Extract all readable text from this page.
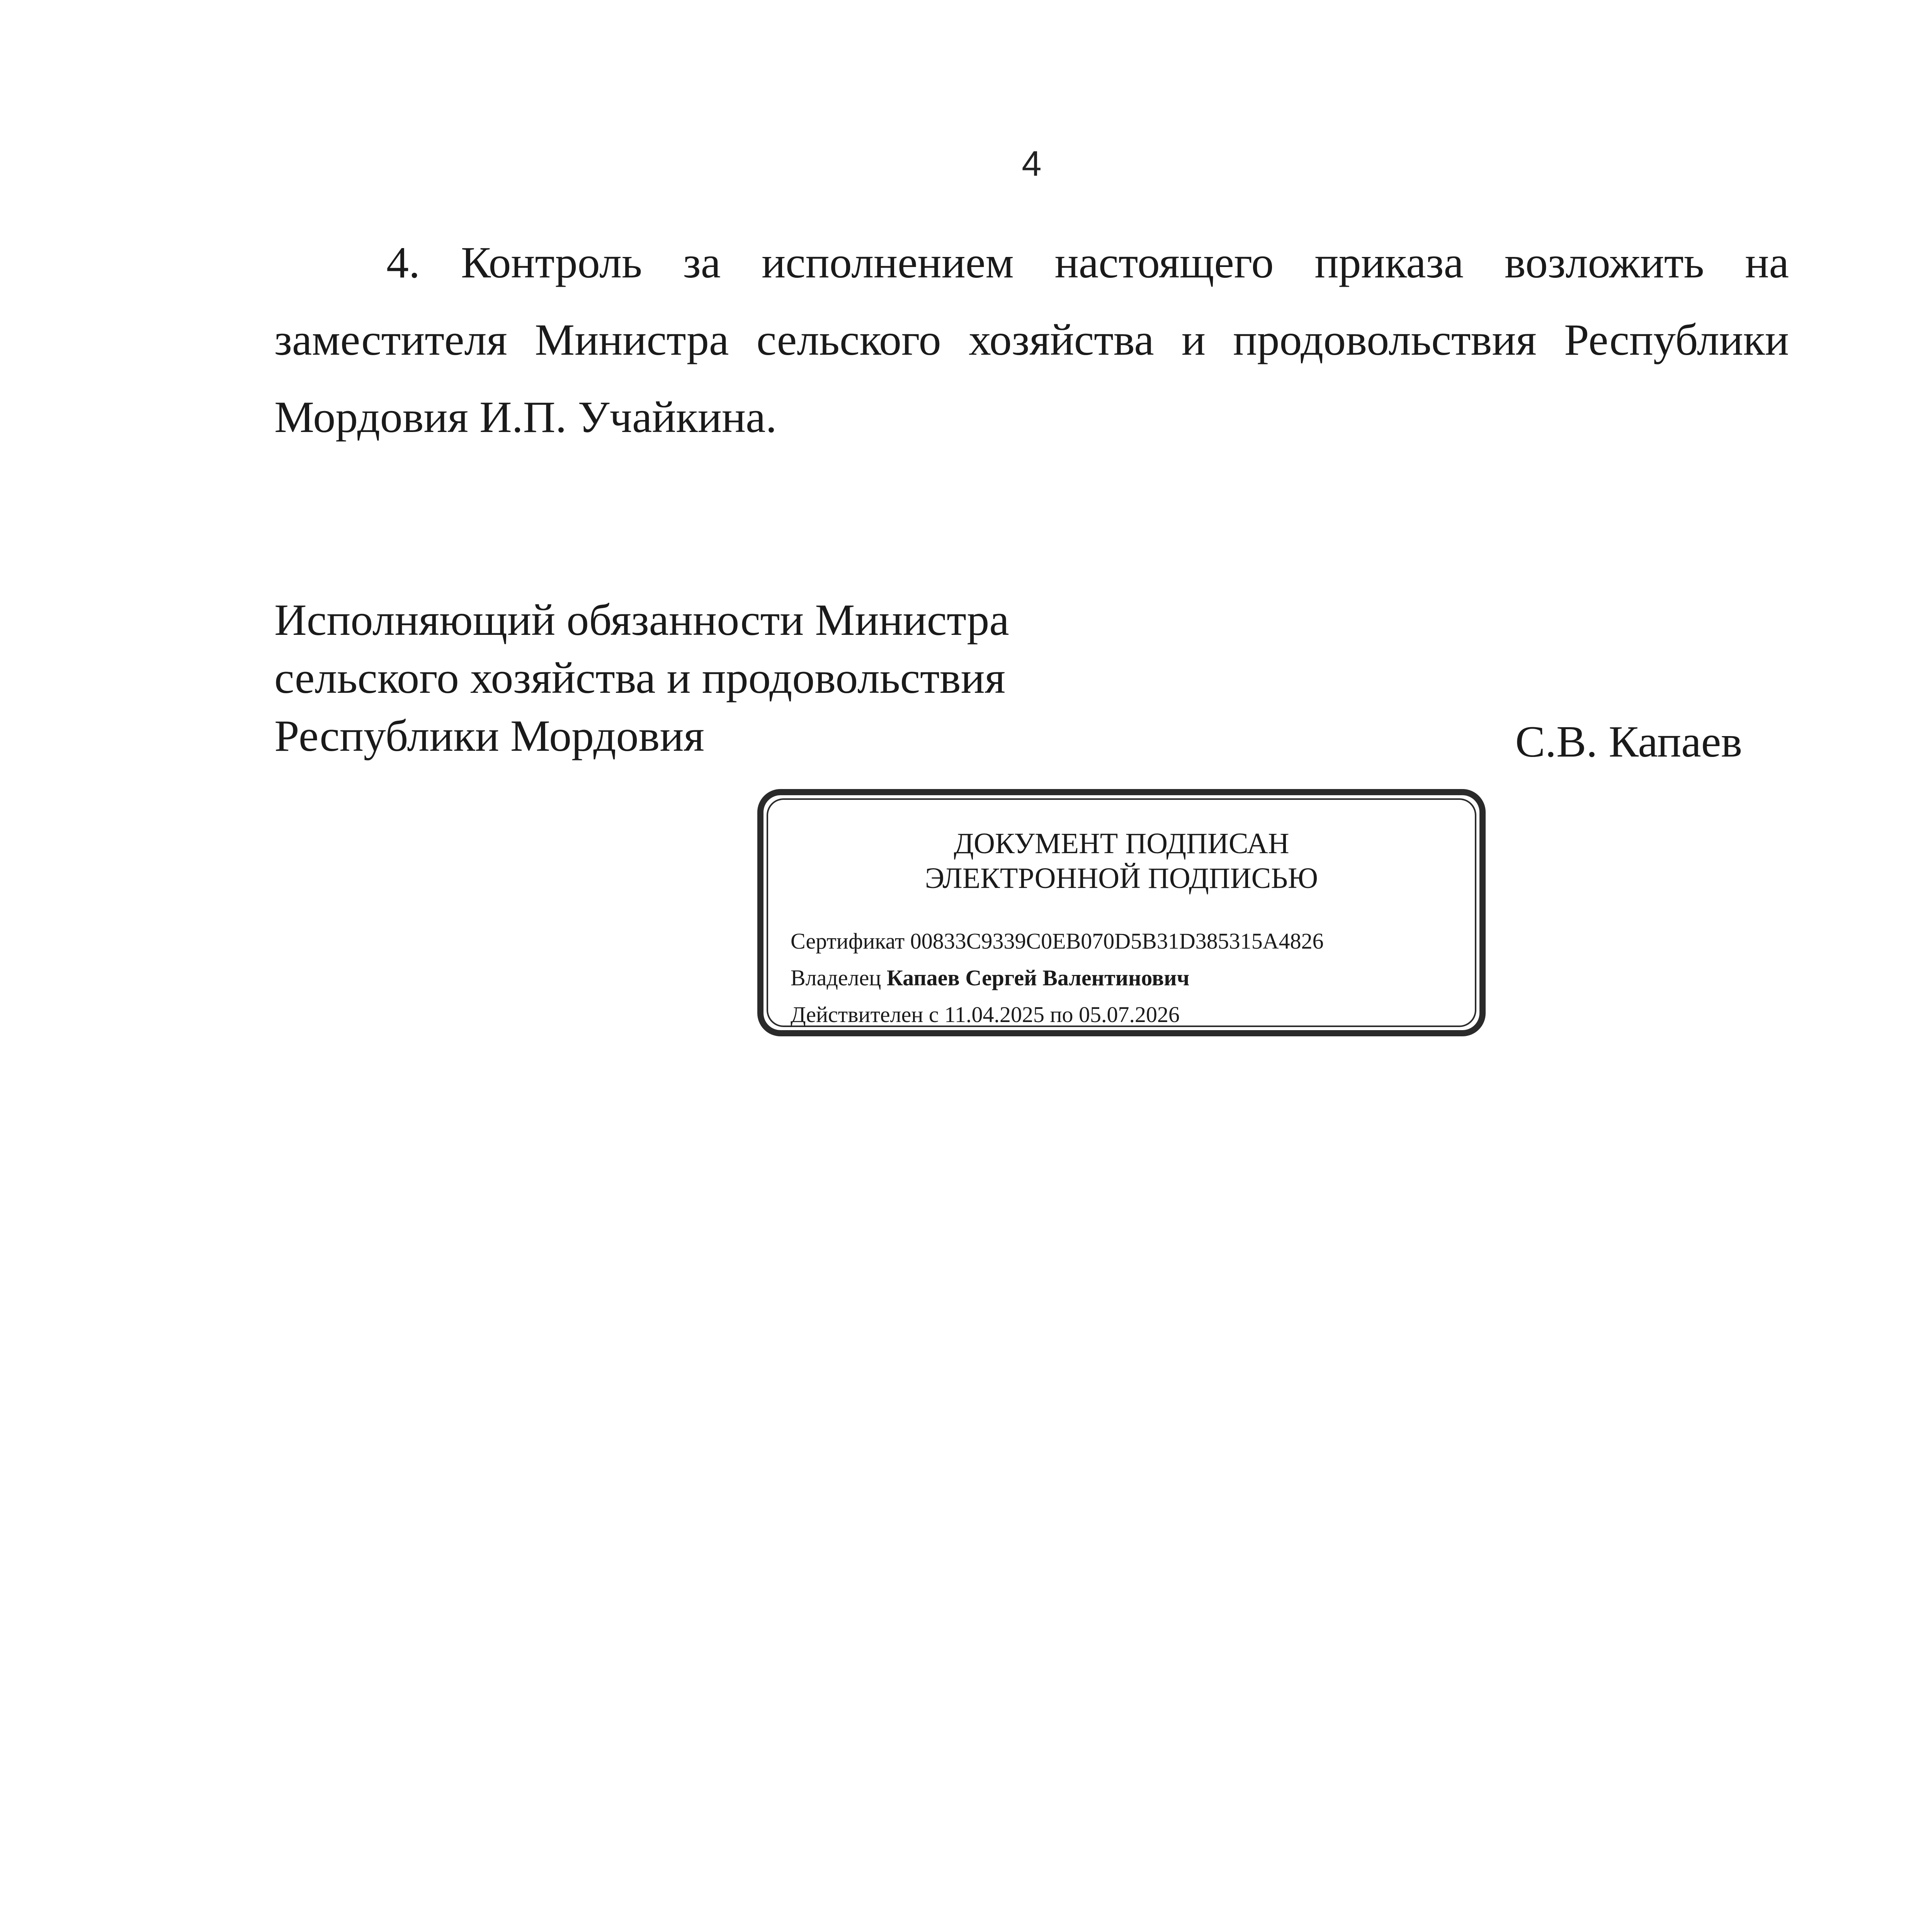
4
4. Контроль за исполнением настоящего приказа возложить на заместителя Министра сельского хозяйства и продовольствия Республики Мордовия И.П. Учайкина.
Исполняющий обязанности Министра
сельского хозяйства и продовольствия
Республики Мордовия	С.В. Капаев
ДОКУМЕНТ ПОДПИСАН
ЭЛЕКТРОННОЙ ПОДПИСЬЮ
Сертификат 00833C9339C0EB070D5B31D385315A4826
Владелец Капаев Сергей Валентинович
Действителен с 11.04.2025 по 05.07.2026
